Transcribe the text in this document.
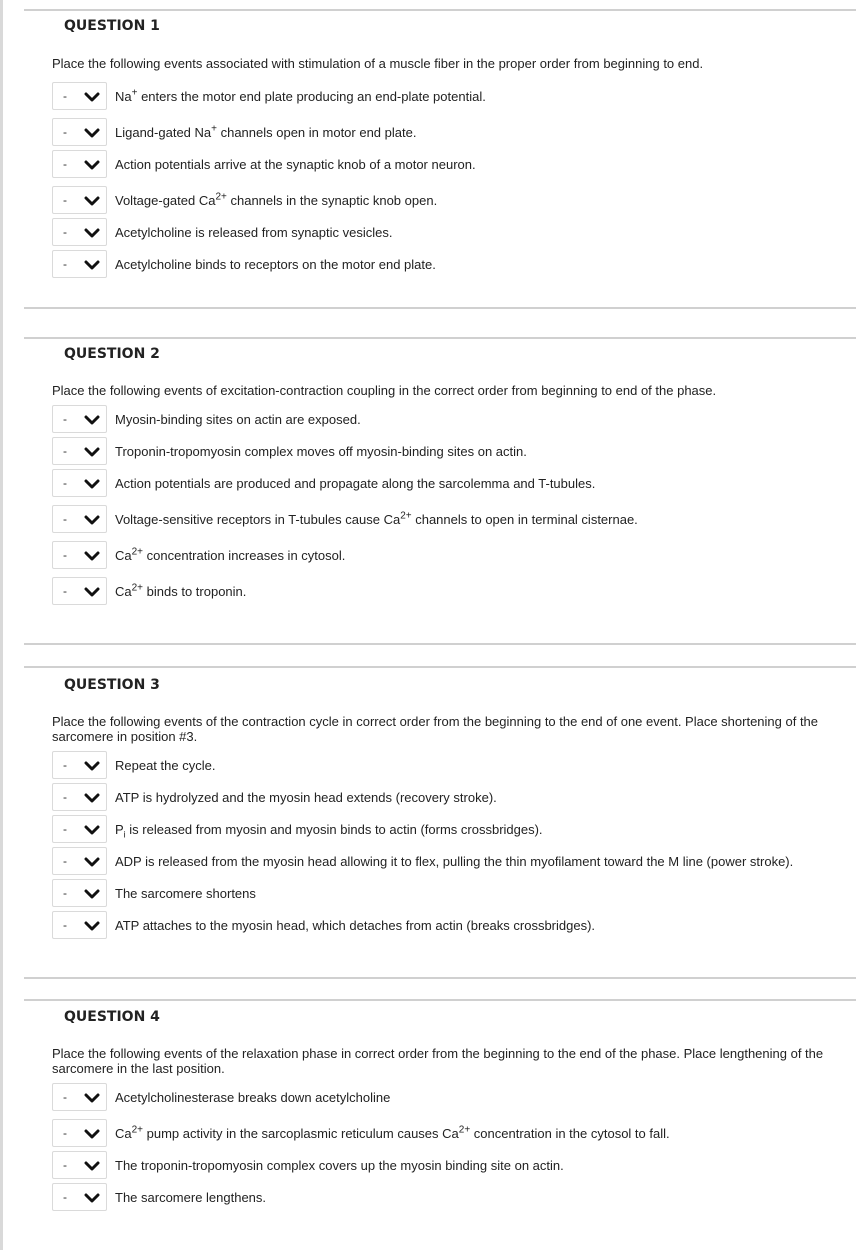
QUESTION 1
Place the following events associated with stimulation of a muscle fiber in the proper order from beginning to end.
-	Na+ enters the motor end plate producing an end-plate potential.
-	Ligand-gated Na+ channels open in motor end plate.
-	Action potentials arrive at the synaptic knob of a motor neuron.
-	Voltage-gated $Ca^{2+}$ channels in the synaptic knob open.
-	Acetylcholine is released from synaptic vesicles.
-	Acetylcholine binds to receptors on the motor end plate.
QUESTION 2
Place the following events of excitation-contraction coupling in the correct order from beginning to end of the phase.
-	Myosin-binding sites on actin are exposed.
-	Troponin-tropomyosin complex moves off myosin-binding sites on actin.
-	Action potentials are produced and propagate along the sarcolemma and T-tubules.
-	Voltage-sensitive receptors in T-tubules cause $Ca^{2+}$ channels to open in terminal cisternae.
-	$Ca^{2+}$ concentration increases in cytosol.
-	$Ca^{2+}$ binds to troponin.
QUESTION 3
Place the following events of the contraction cycle in correct order from the beginning to the end of one event. Place shortening of the sarcomere in position #3.
-	Repeat the cycle.
-	ATP is hydrolyzed and the myosin head extends (recovery stroke).
-	$P_i$ is released from myosin and myosin binds to actin (forms crossbridges).
-	ADP is released from the myosin head allowing it to flex, pulling the thin myofilament toward the M line (power stroke).
-	The sarcomere shortens
-	ATP attaches to the myosin head, which detaches from actin (breaks crossbridges).
QUESTION 4
Place the following events of the relaxation phase in correct order from the beginning to the end of the phase. Place lengthening of the sarcomere in the last position.
-	Acetylcholinesterase breaks down acetylcholine
-	$Ca^{2+}$ pump activity in the sarcoplasmic reticulum causes $Ca^{2+}$ concentration in the cytosol to fall.
-	The troponin-tropomyosin complex covers up the myosin binding site on actin.
-	The sarcomere lengthens.
